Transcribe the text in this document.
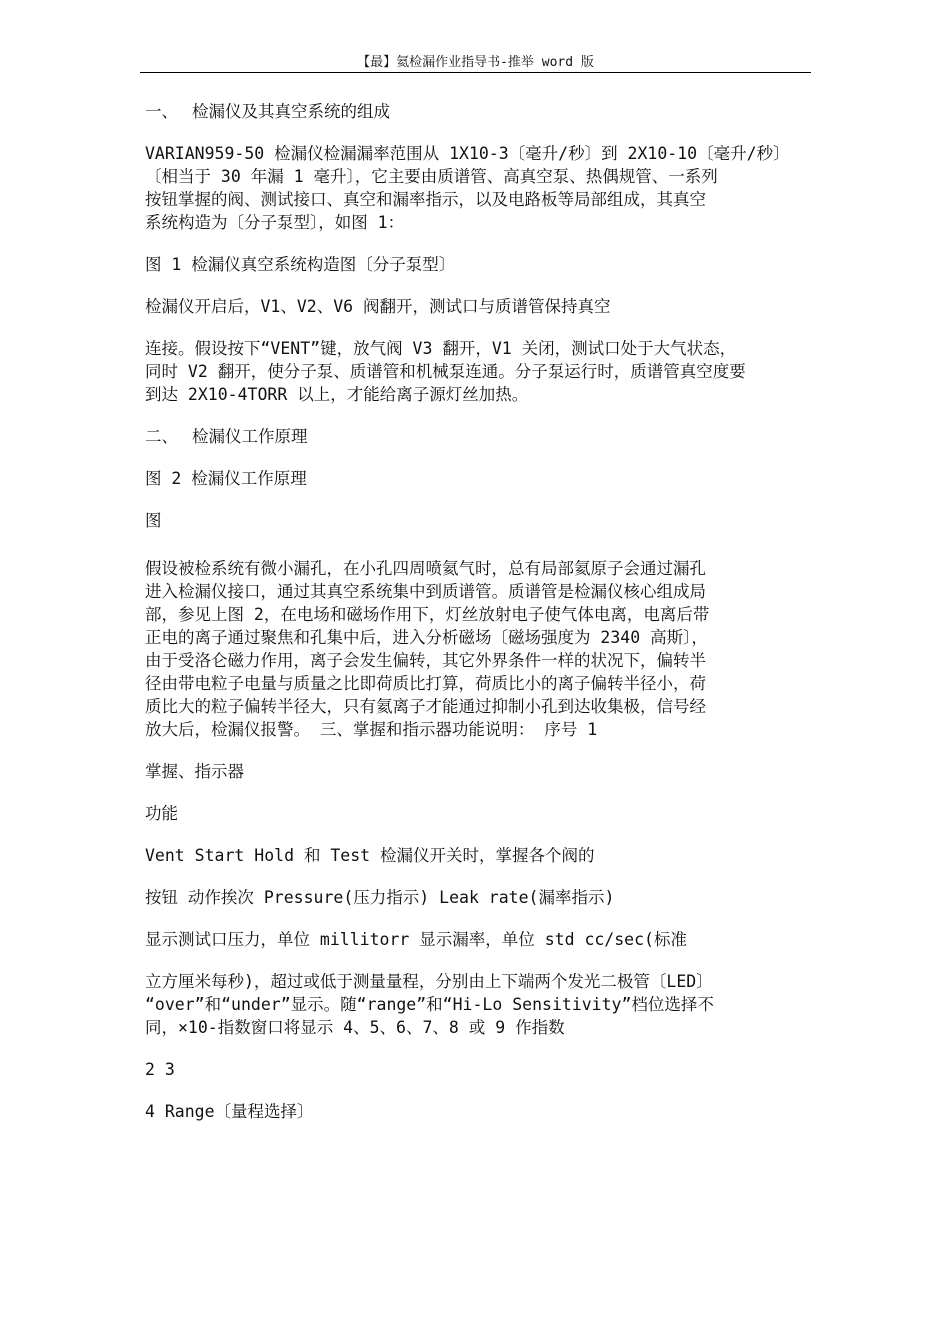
【最】氦检漏作业指导书-推举 word 版

一、 检漏仪及其真空系统的组成

VARIAN959-50 检漏仪检漏漏率范围从 1X10-3〔毫升/秒〕到 2X10-10〔毫升/秒〕
〔相当于 30 年漏 1 毫升〕，它主要由质谱管、高真空泵、热偶规管、一系列
按钮掌握的阀、测试接口、真空和漏率指示，以及电路板等局部组成，其真空
系统构造为〔分子泵型〕，如图 1：

图 1 检漏仪真空系统构造图〔分子泵型〕

检漏仪开启后，V1、V2、V6 阀翻开，测试口与质谱管保持真空

连接。假设按下“VENT”键，放气阀 V3 翻开，V1 关闭，测试口处于大气状态，
同时 V2 翻开，使分子泵、质谱管和机械泵连通。分子泵运行时，质谱管真空度要
到达 2X10-4TORR 以上，才能给离子源灯丝加热。

二、 检漏仪工作原理

图 2 检漏仪工作原理

图

假设被检系统有微小漏孔，在小孔四周喷氦气时，总有局部氦原子会通过漏孔
进入检漏仪接口，通过其真空系统集中到质谱管。质谱管是检漏仪核心组成局
部，参见上图 2，在电场和磁场作用下，灯丝放射电子使气体电离，电离后带
正电的离子通过聚焦和孔集中后，进入分析磁场〔磁场强度为 2340 高斯〕，
由于受洛仑磁力作用，离子会发生偏转，其它外界条件一样的状况下，偏转半
径由带电粒子电量与质量之比即荷质比打算，荷质比小的离子偏转半径小，荷
质比大的粒子偏转半径大，只有氦离子才能通过抑制小孔到达收集极，信号经
放大后，检漏仪报警。 三、掌握和指示器功能说明： 序号 1

掌握、指示器

功能

Vent Start Hold 和 Test 检漏仪开关时，掌握各个阀的

按钮 动作挨次 Pressure(压力指示) Leak rate(漏率指示)

显示测试口压力，单位 millitorr 显示漏率，单位 std cc/sec(标准

立方厘米每秒)，超过或低于测量量程，分别由上下端两个发光二极管〔LED〕
“over”和“under”显示。随“range”和“Hi-Lo Sensitivity”档位选择不
同，×10-指数窗口将显示 4、5、6、7、8 或 9 作指数

2 3

4 Range〔量程选择〕
